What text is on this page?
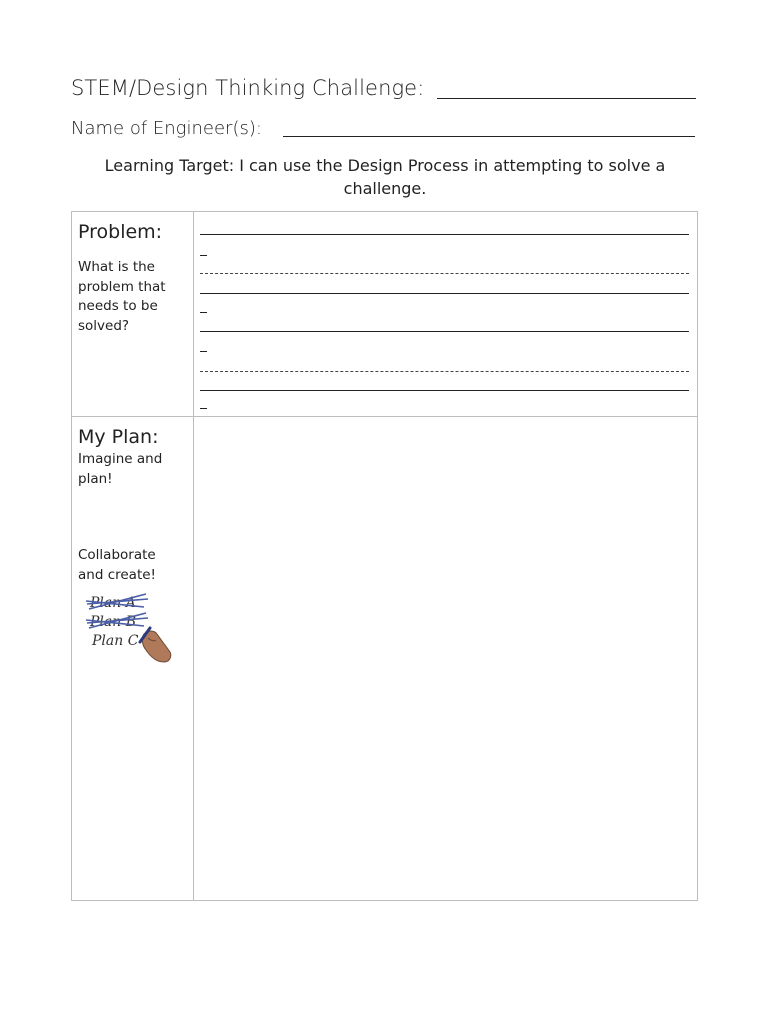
STEM/Design Thinking Challenge:
Name of Engineer(s):
Learning Target: I can use the Design Process in attempting to solve a challenge.
Problem:
What is the problem that needs to be solved?
My Plan:
Imagine and plan!
Collaborate and create!
Plan A
Plan B
Plan C
